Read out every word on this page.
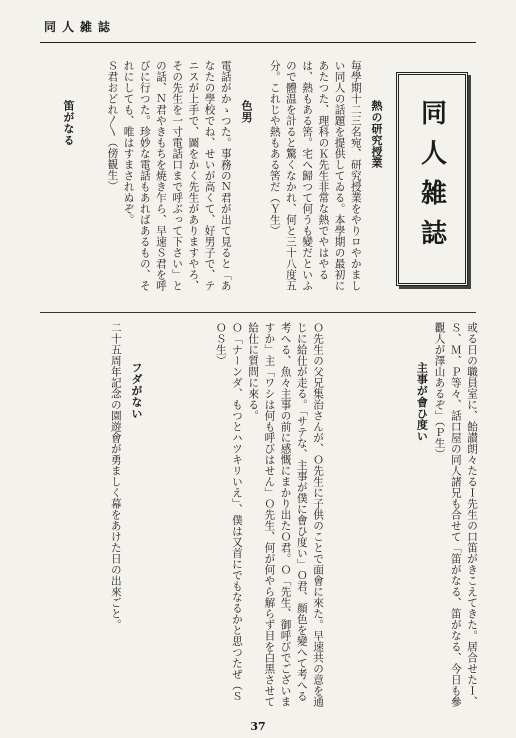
同人雑誌
同人雑誌

熱の研究授業

毎學期十二三名宛、研究授業をやりロやかましい同人の話題を提供してゐる。本學期の最初にあたつた、理科のＫ先生非常な熱でやはやるは、熱もある筈。宅へ歸つて何うも變だといふので體温を計ると驚くなかれ、何と三十八度五分。これじや熱もある筈だ（Ｙ生）

色男

電話がかゝつた。事務のＮ君が出て見ると「あなたの學校でね、せいが高くて、好男子で、テニスが上手で、圖をかく先生がありますやろ、その先生を一寸電話口まで呼ぶって下さい」との話、Ｎ君やきもちを焼き乍ら、早速Ｓ君を呼びに行つた。珍妙な電話もあればあるもの、それにしても、唯はすまされぬぞ。

Ｓ君おどれ〳〵（傍観生）

笛がなる

或る日の職員室に、飴讃朗々たるＩ先生の口笛がきこえてきた。居合せたＩ、Ｓ、Ｍ、Ｐ等々、話口屋の同人諸兄も合せて「笛がなる、笛がなる、今日も參觀人が澤山あるぞ」（Ｐ生）

主事が會ひ度い

Ｏ先生の父兄集治さんが、Ｏ先生に子供のことで面會に來た。早速共の意を通じに給仕が走る。「サテな、主事が僕に會ひ度い」Ｏ君、顔色を變へて考へる考へる、魚々主事の前に感慨にまかり出たＯ君。Ｏ「先生、御呼びでございますか」主「ワシは何も呼びはせん」Ｏ先生、何が何やら解らず目を白黒させて給仕に質問に來る。

Ｏ「ナーンダ、もつとハツキリいえ」、僕は又首にでもなるかと思つたぜ（ＳＯＳ生）

フダがない

二十五周年記念の園遊會が勇ましく幕をあけた日の出來ごと。

37
